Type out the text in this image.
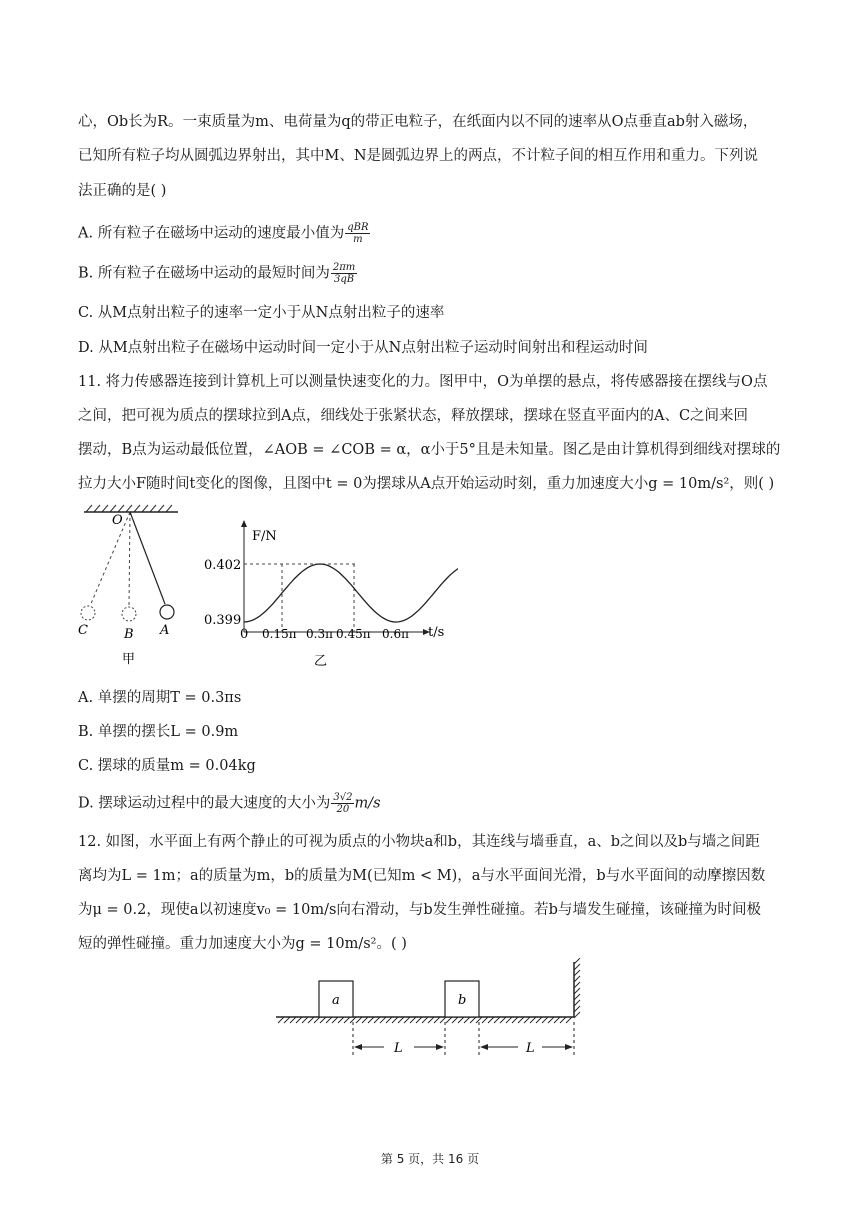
心，Ob长为R。一束质量为m、电荷量为q的带正电粒子，在纸面内以不同的速率从O点垂直ab射入磁场，
已知所有粒子均从圆弧边界射出，其中M、N是圆弧边界上的两点，不计粒子间的相互作用和重力。下列说
法正确的是( )
A. 所有粒子在磁场中运动的速度最小值为 $\frac{\text{qBR}}{m}$
B. 所有粒子在磁场中运动的最短时间为 $\frac{2\pi m}{3qB}$
C. 从M点射出粒子的速率一定小于从N点射出粒子的速率
D. 从M点射出粒子在磁场中运动时间一定小于从N点射出粒子运动时间射出和程运动时间
11. 将力传感器连接到计算机上可以测量快速变化的力。图甲中，O为单摆的悬点，将传感器接在摆线与O点
之间，把可视为质点的摆球拉到A点，细线处于张紧状态，释放摆球，摆球在竖直平面内的A、C之间来回
摆动，B点为运动最低位置，∠AOB = ∠COB = α，α小于5°且是未知量。图乙是由计算机得到细线对摆球的
拉力大小F随时间t变化的图像，且图中t = 0为摆球从A点开始运动时刻，重力加速度大小g = 10m/s²，则( )
O
C	B A
甲
F/N
t/s
0.402
0.399
0 0.15π 0.3π 0.45π 0.6π
乙
A. 单摆的周期T = 0.3πs
B. 单摆的摆长L = 0.9m
C. 摆球的质量m = 0.04kg
D. 摆球运动过程中的最大速度的大小为 $\frac{3√2}{20} m/s$
12. 如图，水平面上有两个静止的可视为质点的小物块a和b，其连线与墙垂直，a、b之间以及b与墙之间距
离均为L = 1m；a的质量为m，b的质量为M(已知m < M)，a与水平面间光滑，b与水平面间的动摩擦因数
为μ = 0.2，现使a以初速度v₀ = 10m/s向右滑动，与b发生弹性碰撞。若b与墙发生碰撞，该碰撞为时间极
短的弹性碰撞。重力加速度大小为g = 10m/s²。( )
a	b
L	L
第 5 页，共 16 页
